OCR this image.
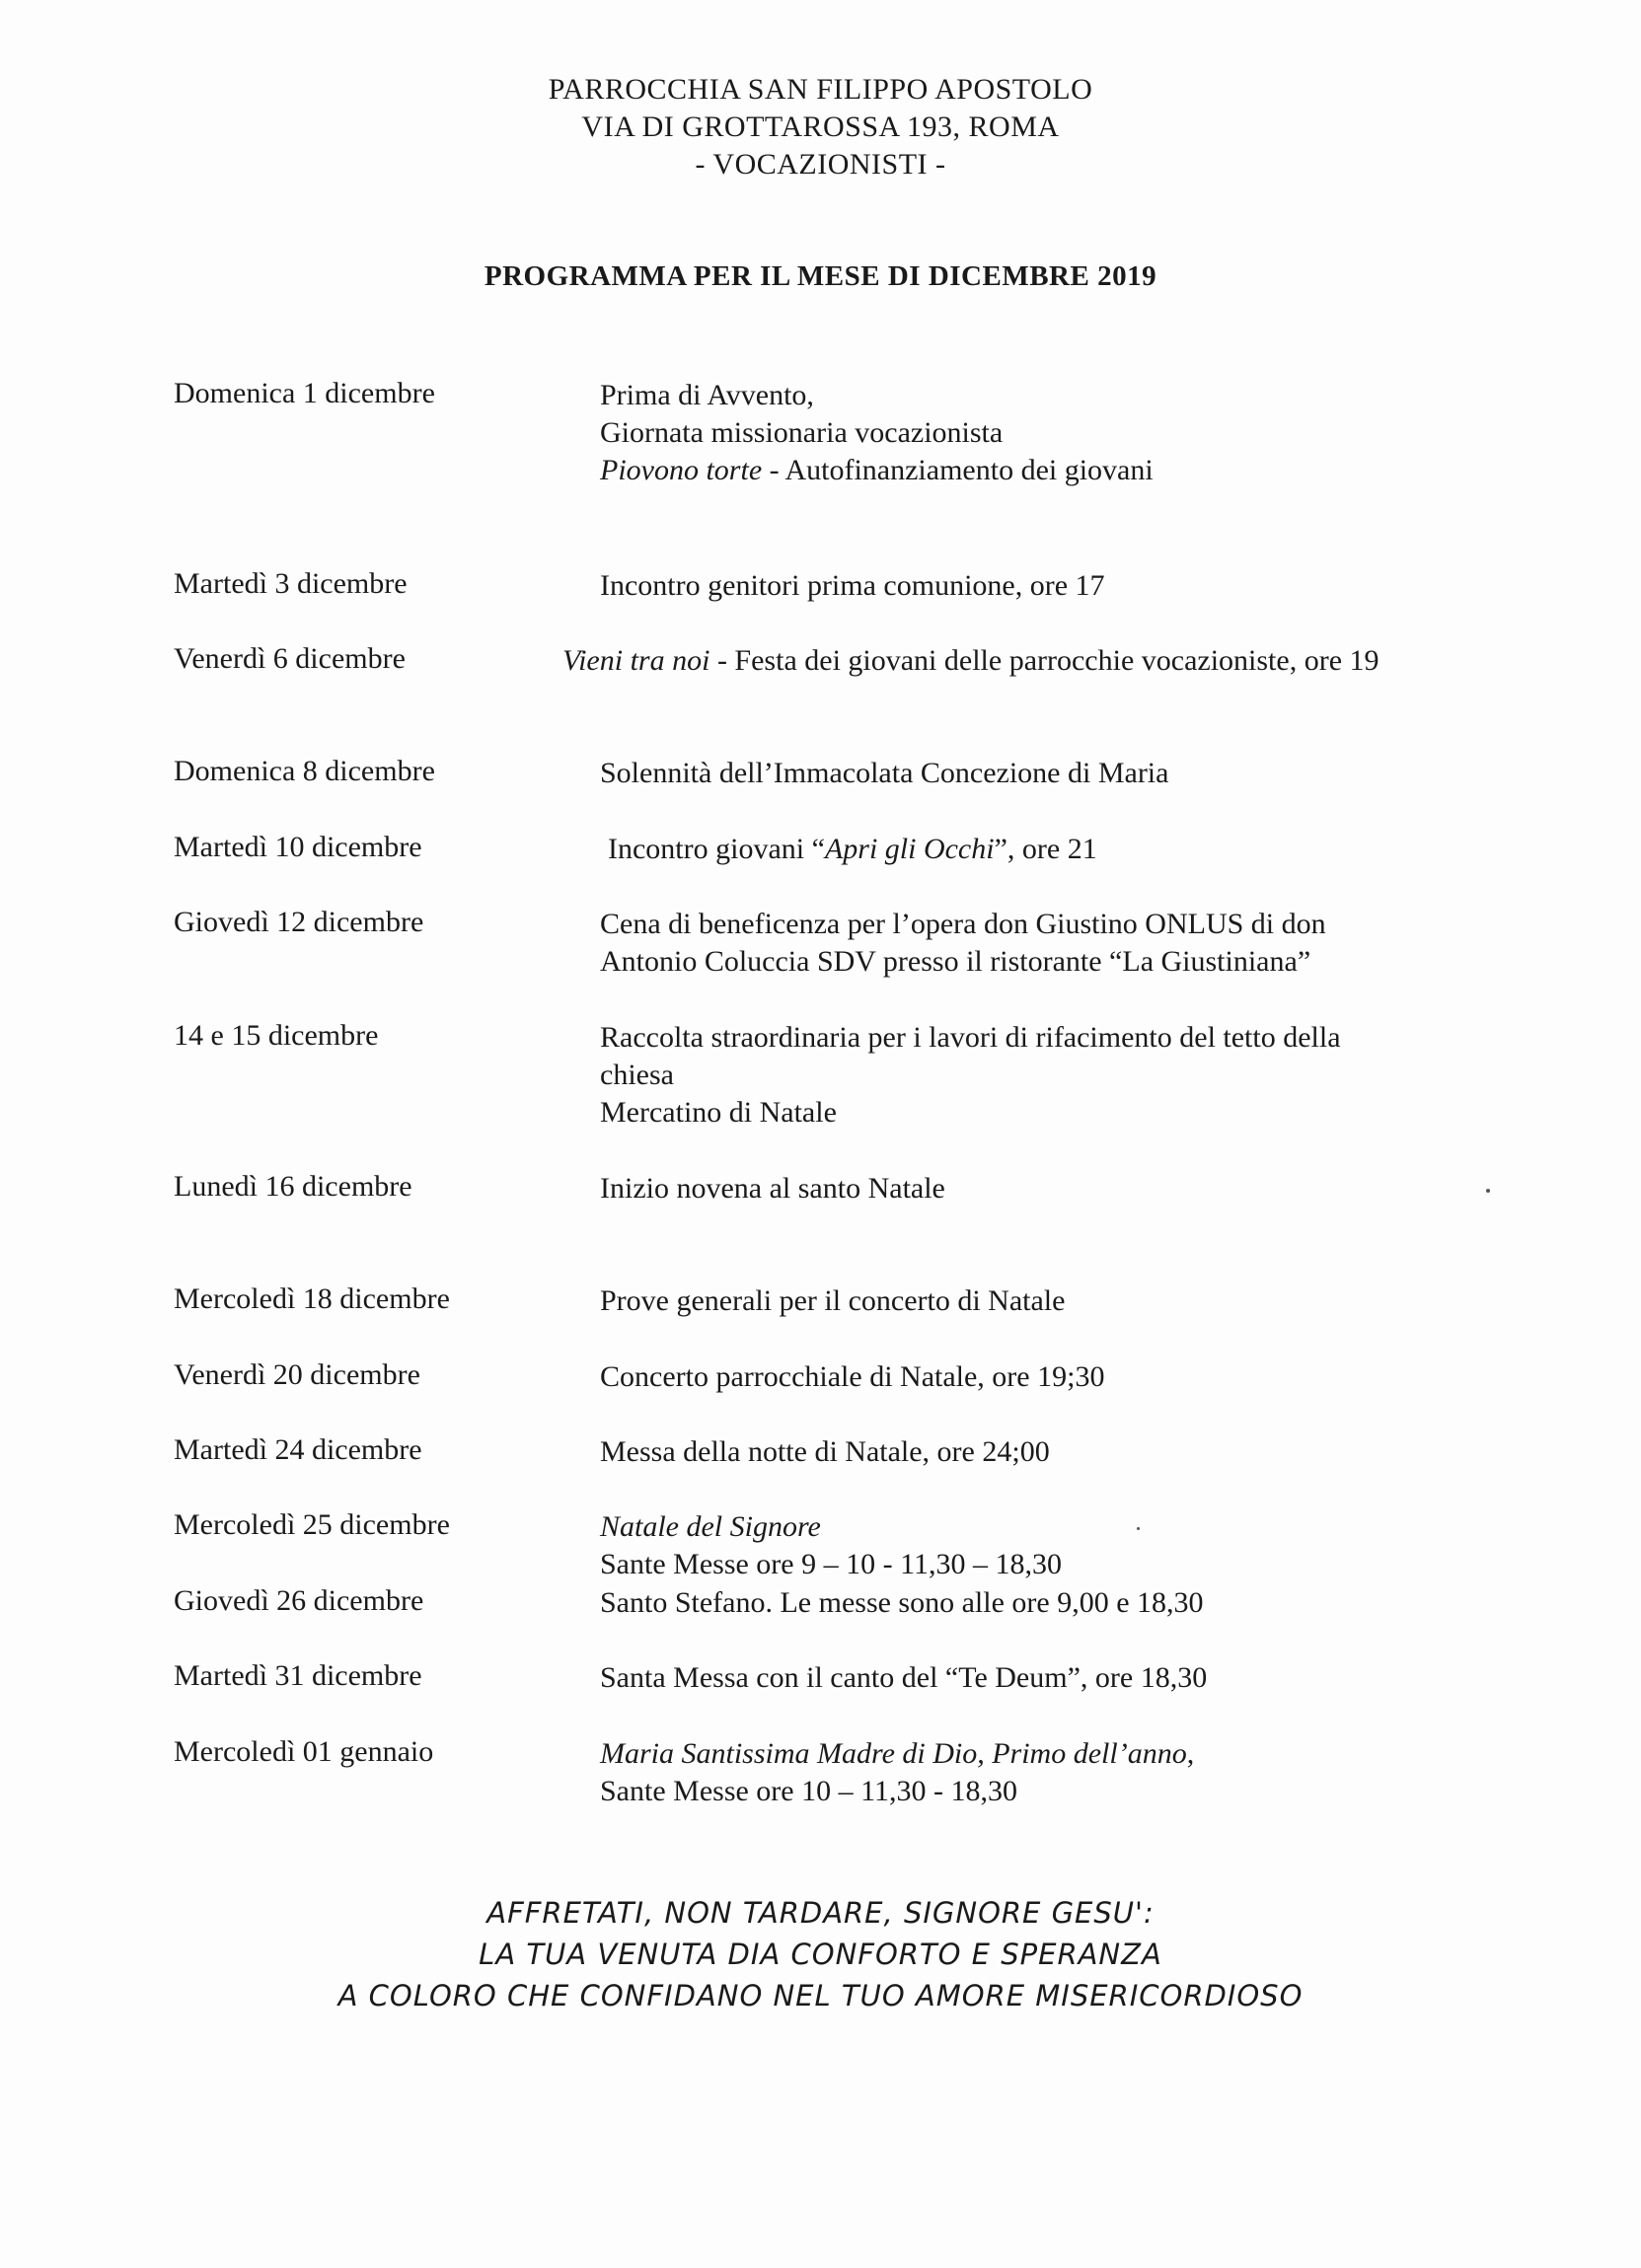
PARROCCHIA SAN FILIPPO APOSTOLO
VIA DI GROTTAROSSA 193, ROMA
- VOCAZIONISTI -
PROGRAMMA PER IL MESE DI DICEMBRE 2019
Domenica 1 dicembre	Prima di Avvento,
Giornata missionaria vocazionista
Piovono torte - Autofinanziamento dei giovani
Martedì 3 dicembre	Incontro genitori prima comunione, ore 17
Venerdì 6 dicembre	Vieni tra noi - Festa dei giovani delle parrocchie vocazioniste, ore 19
Domenica 8 dicembre	Solennità dell’Immacolata Concezione di Maria
Martedì 10 dicembre	Incontro giovani “Apri gli Occhi”, ore 21
Giovedì 12 dicembre	Cena di beneficenza per l’opera don Giustino ONLUS di don
Antonio Coluccia SDV presso il ristorante “La Giustiniana”
14 e 15 dicembre	Raccolta straordinaria per i lavori di rifacimento del tetto della
chiesa
Mercatino di Natale
Lunedì 16 dicembre	Inizio novena al santo Natale
Mercoledì 18 dicembre	Prove generali per il concerto di Natale
Venerdì 20 dicembre	Concerto parrocchiale di Natale, ore 19;30
Martedì 24 dicembre	Messa della notte di Natale, ore 24;00
Mercoledì 25 dicembre	Natale del Signore
Sante Messe ore 9 – 10 - 11,30 – 18,30
Giovedì 26 dicembre	Santo Stefano. Le messe sono alle ore 9,00 e 18,30
Martedì 31 dicembre	Santa Messa con il canto del “Te Deum”, ore 18,30
Mercoledì 01 gennaio	Maria Santissima Madre di Dio, Primo dell’anno,
Sante Messe ore 10 – 11,30 - 18,30
AFFRETATI, NON TARDARE, SIGNORE GESU':
LA TUA VENUTA DIA CONFORTO E SPERANZA
A COLORO CHE CONFIDANO NEL TUO AMORE MISERICORDIOSO
